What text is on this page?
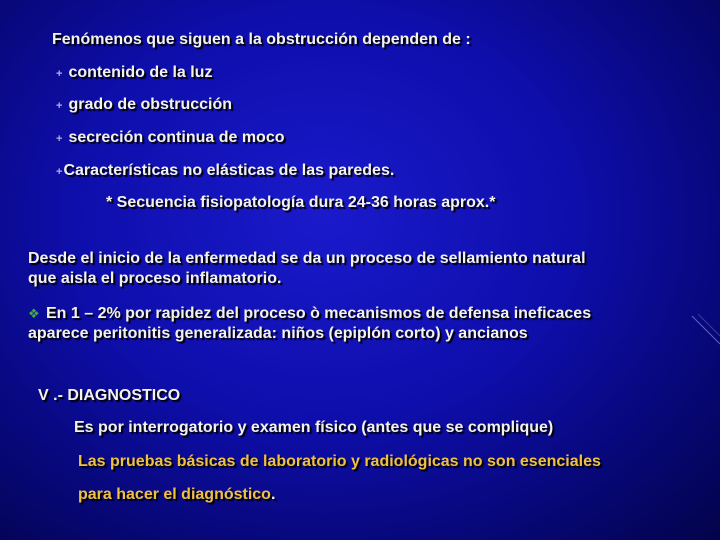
Fenómenos que siguen a la obstrucción dependen de :
+ contenido de la luz
+ grado de obstrucción
+ secreción continua de moco
+Características no elásticas de las paredes.
* Secuencia fisiopatología dura 24-36 horas aprox.*
Desde el inicio de la enfermedad se da un proceso de sellamiento natural
que aisla el proceso inflamatorio.
❖ En 1 – 2% por rapidez del proceso ò mecanismos de defensa ineficaces
aparece peritonitis generalizada: niños (epiplón corto) y ancianos
V .- DIAGNOSTICO
Es por interrogatorio y examen físico (antes que se complique)
Las pruebas básicas de laboratorio y radiológicas no son esenciales
para hacer el diagnóstico.
